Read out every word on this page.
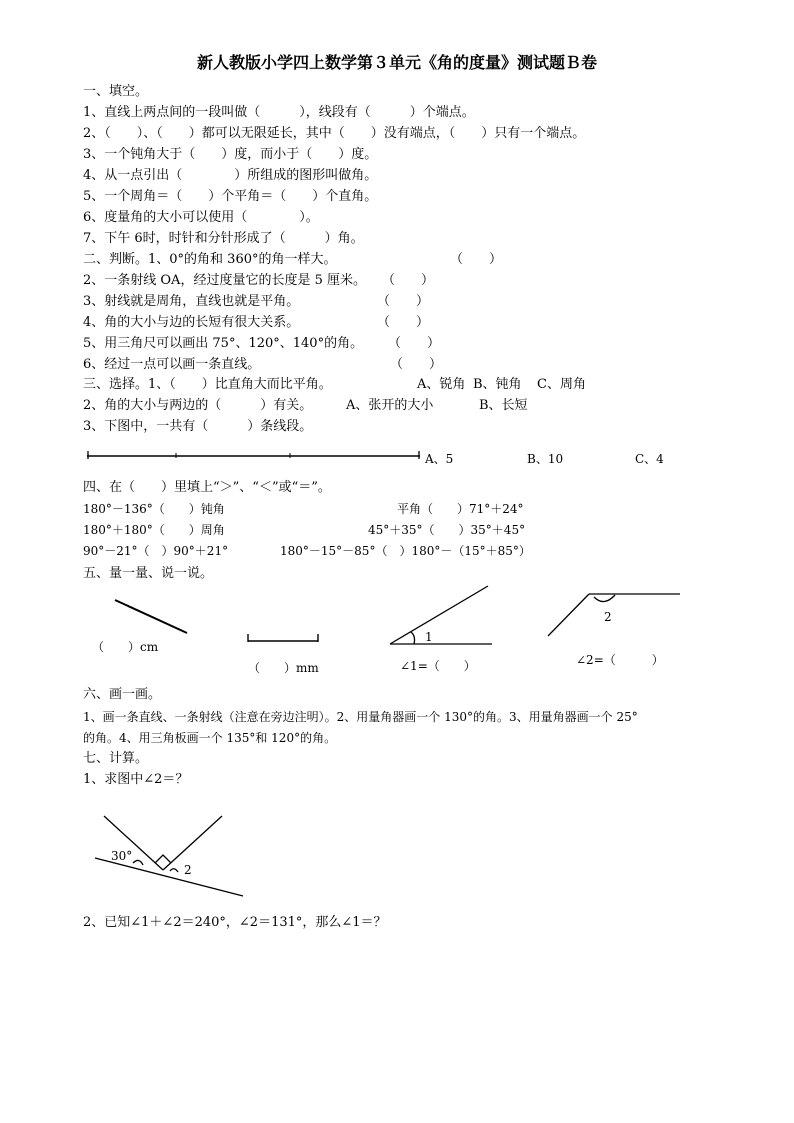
新人教版小学四上数学第３单元《角的度量》测试题Ｂ卷
一、填空。
1、直线上两点间的一段叫做（　　　），线段有（　　　）个端点。
2、（　　）、（　　）都可以无限延长，其中（　　）没有端点，（　　）只有一个端点。
3、一个钝角大于（　　）度，而小于（　　）度。
4、从一点引出（　　　　）所组成的图形叫做角。
5、一个周角＝（　　）个平角＝（　　）个直角。
6、度量角的大小可以使用（　　　　）。
7、下午 6时，时针和分针形成了（　　　）角。
二、判断。1、0°的角和 360°的角一样大。	（　　）
2、一条射线 OA，经过度量它的长度是 5 厘米。 （　　）
3、射线就是周角，直线也就是平角。	（　　）
4、角的大小与边的长短有很大关系。	（　　）
5、用三角尺可以画出 75°、120°、140°的角。 （　　）
6、经过一点可以画一条直线。	（　　）
三、选择。1、（　　）比直角大而比平角。	A、锐角 B、钝角 C、周角
2、角的大小与两边的（　　　）有关。	A、张开的大小	B、长短
3、下图中，一共有（　　　）条线段。
A、5	B、10	C、4
四、在（　　）里填上“＞”、“＜”或“＝”。
180°－136°（　　）钝角	平角（　　）71°＋24°
180°＋180°（　　）周角	45°＋35°（　　）35°＋45°
90°－21°（　）90°＋21°	180°－15°－85°（　）180°－（15°＋85°）
五、量一量、说一说。
（　　）cm
（　　）mm
1
∠1=（　　）
2
∠2=（　　　）
六、画一画。
1、画一条直线、一条射线（注意在旁边注明）。2、用量角器画一个 130°的角。3、用量角器画一个 25°
的角。4、用三角板画一个 135°和 120°的角。
七、计算。
1、求图中∠2＝？
30°
2
2、已知∠1＋∠2＝240°，∠2＝131°，那么∠1＝？
